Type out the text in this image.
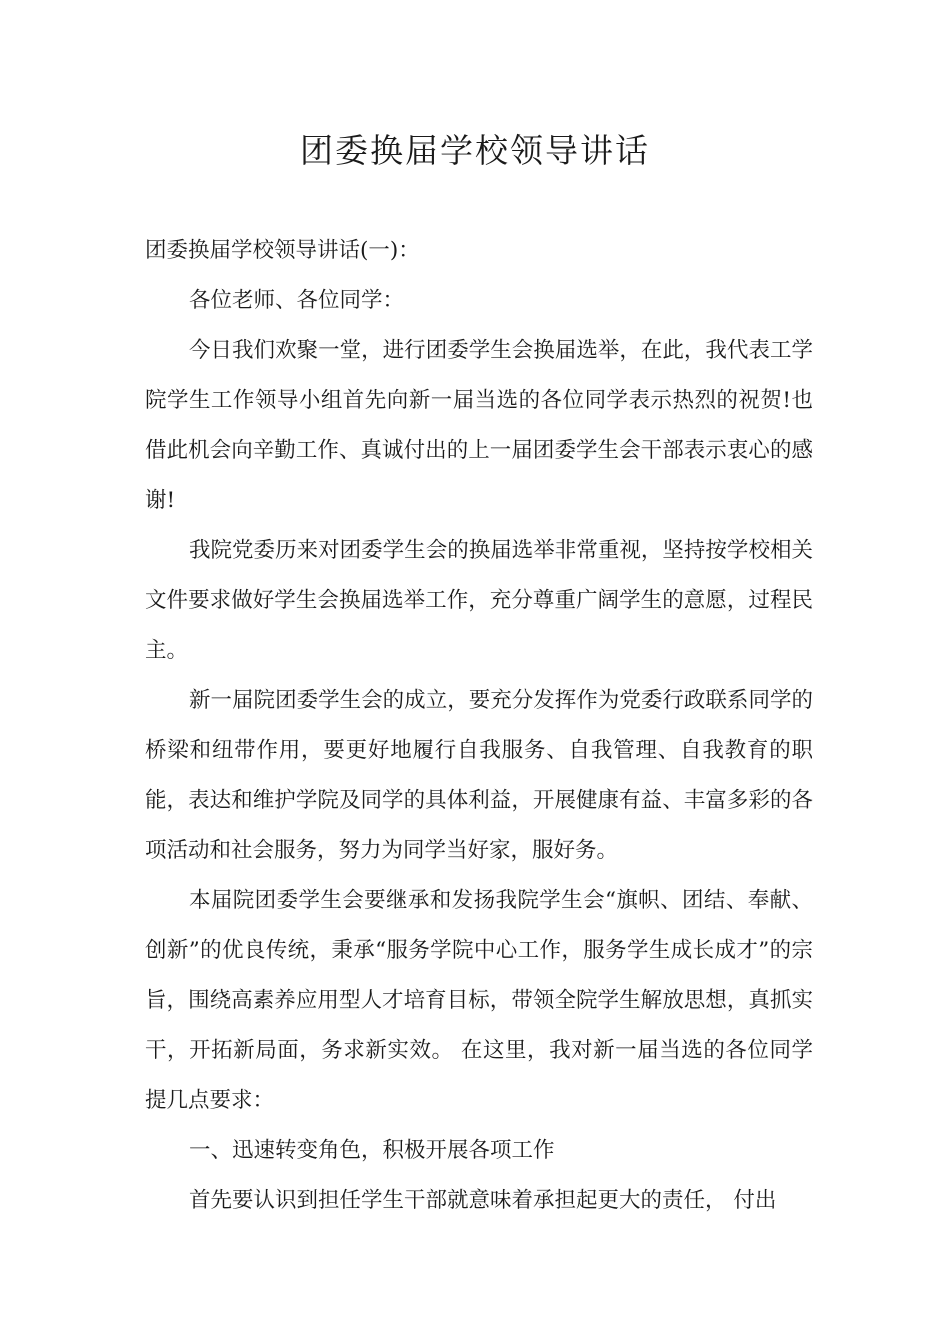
团委换届学校领导讲话

团委换届学校领导讲话(一)：

各位老师、各位同学：

今日我们欢聚一堂，进行团委学生会换届选举，在此，我代表工学院学生工作领导小组首先向新一届当选的各位同学表示热烈的祝贺!也借此机会向辛勤工作、真诚付出的上一届团委学生会干部表示衷心的感谢!

我院党委历来对团委学生会的换届选举非常重视，坚持按学校相关文件要求做好学生会换届选举工作，充分尊重广阔学生的意愿，过程民主。

新一届院团委学生会的成立，要充分发挥作为党委行政联系同学的桥梁和纽带作用，要更好地履行自我服务、自我管理、自我教育的职能，表达和维护学院及同学的具体利益，开展健康有益、丰富多彩的各项活动和社会服务，努力为同学当好家，服好务。

本届院团委学生会要继承和发扬我院学生会“旗帜、团结、奉献、创新”的优良传统，秉承“服务学院中心工作，服务学生成长成才”的宗旨，围绕高素养应用型人才培育目标，带领全院学生解放思想，真抓实干，开拓新局面，务求新实效。 在这里，我对新一届当选的各位同学提几点要求：

一、迅速转变角色，积极开展各项工作

首先要认识到担任学生干部就意味着承担起更大的责任， 付出
